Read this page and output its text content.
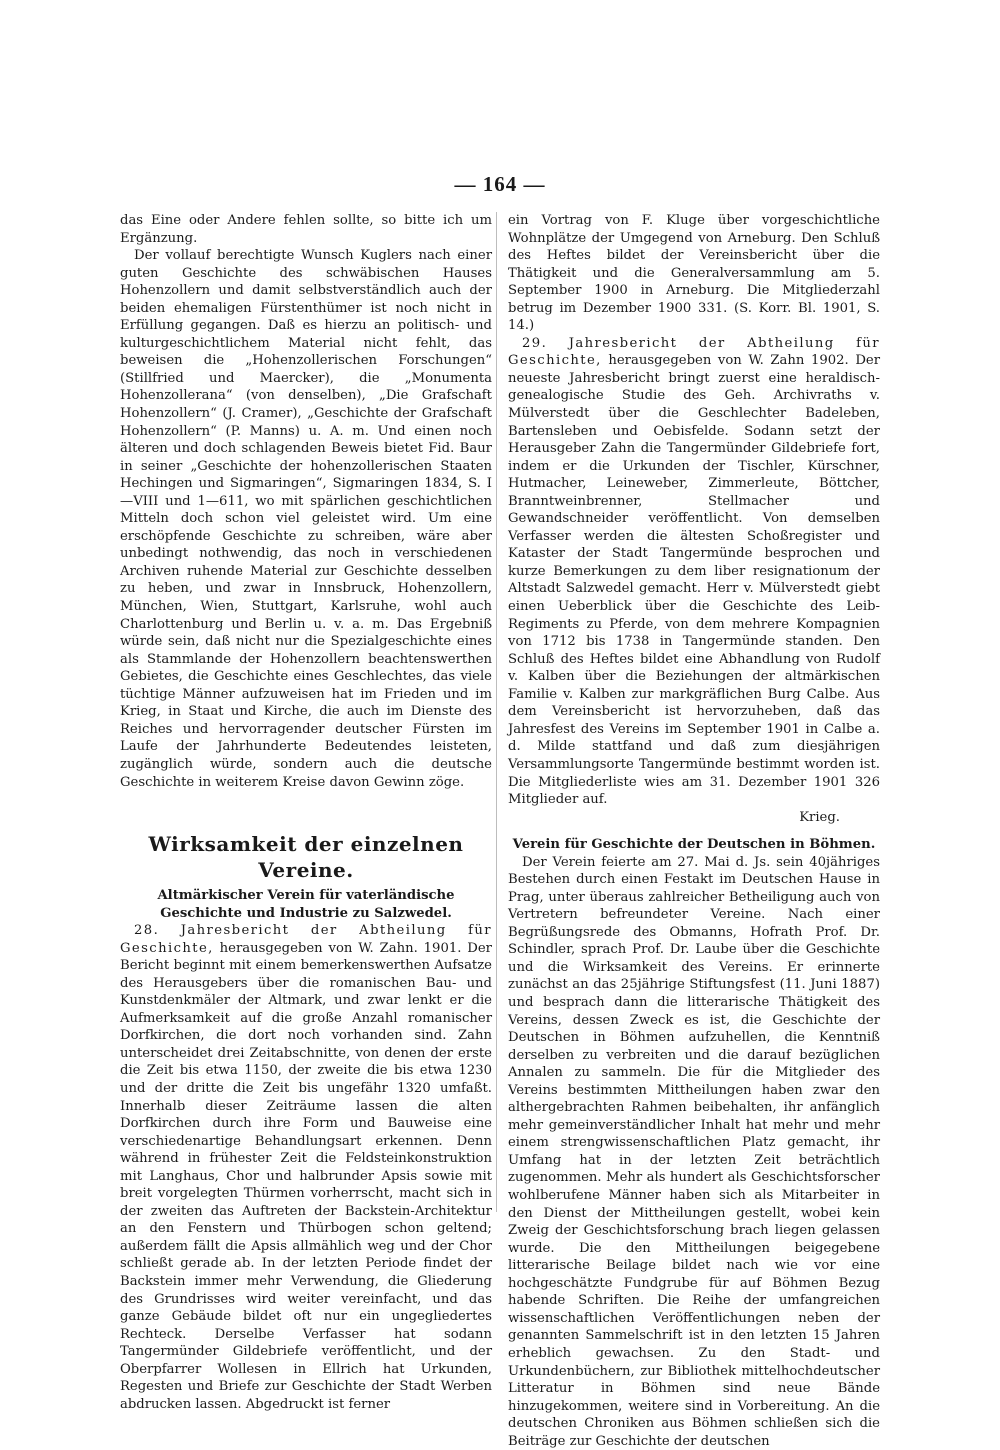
— 164 —

das Eine oder Andere fehlen sollte, so bitte ich um Ergänzung.

Der vollauf berechtigte Wunsch Kuglers nach einer guten Geschichte des schwäbischen Hauses Hohenzollern und damit selbstverständlich auch der beiden ehemaligen Fürstenthümer ist noch nicht in Erfüllung gegangen. Daß es hierzu an politisch- und kulturgeschichtlichem Material nicht fehlt, das beweisen die „Hohenzollerischen Forschungen“ (Stillfried und Maercker), die „Monumenta Hohenzollerana“ (von denselben), „Die Grafschaft Hohenzollern“ (J. Cramer), „Geschichte der Grafschaft Hohenzollern“ (P. Manns) u. A. m. Und einen noch älteren und doch schlagenden Beweis bietet Fid. Baur in seiner „Geschichte der hohenzollerischen Staaten Hechingen und Sigmaringen“, Sigmaringen 1834, S. I—VIII und 1—611, wo mit spärlichen geschichtlichen Mitteln doch schon viel geleistet wird. Um eine erschöpfende Geschichte zu schreiben, wäre aber unbedingt nothwendig, das noch in verschiedenen Archiven ruhende Material zur Geschichte desselben zu heben, und zwar in Innsbruck, Hohenzollern, München, Wien, Stuttgart, Karlsruhe, wohl auch Charlottenburg und Berlin u. v. a. m. Das Ergebniß würde sein, daß nicht nur die Spezialgeschichte eines als Stammlande der Hohenzollern beachtenswerthen Gebietes, die Geschichte eines Geschlechtes, das viele tüchtige Männer aufzuweisen hat im Frieden und im Krieg, in Staat und Kirche, die auch im Dienste des Reiches und hervorragender deutscher Fürsten im Laufe der Jahrhunderte Bedeutendes leisteten, zugänglich würde, sondern auch die deutsche Geschichte in weiterem Kreise davon Gewinn zöge.

Wirksamkeit der einzelnen Vereine.
Altmärkischer Verein für vaterländische Geschichte und Industrie zu Salzwedel.

28. Jahresbericht der Abtheilung für Geschichte, herausgegeben von W. Zahn. 1901. Der Bericht beginnt mit einem bemerkenswerthen Aufsatze des Herausgebers über die romanischen Bau- und Kunstdenkmäler der Altmark, und zwar lenkt er die Aufmerksamkeit auf die große Anzahl romanischer Dorfkirchen, die dort noch vorhanden sind. Zahn unterscheidet drei Zeitabschnitte, von denen der erste die Zeit bis etwa 1150, der zweite die bis etwa 1230 und der dritte die Zeit bis ungefähr 1320 umfaßt. Innerhalb dieser Zeiträume lassen die alten Dorfkirchen durch ihre Form und Bauweise eine verschiedenartige Behandlungsart erkennen. Denn während in frühester Zeit die Feldsteinkonstruktion mit Langhaus, Chor und halbrunder Apsis sowie mit breit vorgelegten Thürmen vorherrscht, macht sich in der zweiten das Auftreten der Backstein-Architektur an den Fenstern und Thürbogen schon geltend; außerdem fällt die Apsis allmählich weg und der Chor schließt gerade ab. In der letzten Periode findet der Backstein immer mehr Verwendung, die Gliederung des Grundrisses wird weiter vereinfacht, und das ganze Gebäude bildet oft nur ein ungegliedertes Rechteck. Derselbe Verfasser hat sodann Tangermünder Gildebriefe veröffentlicht, und der Oberpfarrer Wollesen in Ellrich hat Urkunden, Regesten und Briefe zur Geschichte der Stadt Werben abdrucken lassen. Abgedruckt ist ferner

ein Vortrag von F. Kluge über vorgeschichtliche Wohnplätze der Umgegend von Arneburg. Den Schluß des Heftes bildet der Vereinsbericht über die Thätigkeit und die Generalversammlung am 5. September 1900 in Arneburg. Die Mitgliederzahl betrug im Dezember 1900 331. (S. Korr. Bl. 1901, S. 14.)

29. Jahresbericht der Abtheilung für Geschichte, herausgegeben von W. Zahn 1902. Der neueste Jahresbericht bringt zuerst eine heraldisch-genealogische Studie des Geh. Archivraths v. Mülverstedt über die Geschlechter Badeleben, Bartensleben und Oebisfelde. Sodann setzt der Herausgeber Zahn die Tangermünder Gildebriefe fort, indem er die Urkunden der Tischler, Kürschner, Hutmacher, Leineweber, Zimmerleute, Böttcher, Branntweinbrenner, Stellmacher und Gewandschneider veröffentlicht. Von demselben Verfasser werden die ältesten Schoßregister und Kataster der Stadt Tangermünde besprochen und kurze Bemerkungen zu dem liber resignationum der Altstadt Salzwedel gemacht. Herr v. Mülverstedt giebt einen Ueberblick über die Geschichte des Leib-Regiments zu Pferde, von dem mehrere Kompagnien von 1712 bis 1738 in Tangermünde standen. Den Schluß des Heftes bildet eine Abhandlung von Rudolf v. Kalben über die Beziehungen der altmärkischen Familie v. Kalben zur markgräflichen Burg Calbe. Aus dem Vereinsbericht ist hervorzuheben, daß das Jahresfest des Vereins im September 1901 in Calbe a. d. Milde stattfand und daß zum diesjährigen Versammlungsorte Tangermünde bestimmt worden ist. Die Mitgliederliste wies am 31. Dezember 1901 326 Mitglieder auf.

Krieg.

Verein für Geschichte der Deutschen in Böhmen.

Der Verein feierte am 27. Mai d. Js. sein 40jähriges Bestehen durch einen Festakt im Deutschen Hause in Prag, unter überaus zahlreicher Betheiligung auch von Vertretern befreundeter Vereine. Nach einer Begrüßungsrede des Obmanns, Hofrath Prof. Dr. Schindler, sprach Prof. Dr. Laube über die Geschichte und die Wirksamkeit des Vereins. Er erinnerte zunächst an das 25jährige Stiftungsfest (11. Juni 1887) und besprach dann die litterarische Thätigkeit des Vereins, dessen Zweck es ist, die Geschichte der Deutschen in Böhmen aufzuhellen, die Kenntniß derselben zu verbreiten und die darauf bezüglichen Annalen zu sammeln. Die für die Mitglieder des Vereins bestimmten Mittheilungen haben zwar den althergebrachten Rahmen beibehalten, ihr anfänglich mehr gemeinverständlicher Inhalt hat mehr und mehr einem strengwissenschaftlichen Platz gemacht, ihr Umfang hat in der letzten Zeit beträchtlich zugenommen. Mehr als hundert als Geschichtsforscher wohlberufene Männer haben sich als Mitarbeiter in den Dienst der Mittheilungen gestellt, wobei kein Zweig der Geschichtsforschung brach liegen gelassen wurde. Die den Mittheilungen beigegebene litterarische Beilage bildet nach wie vor eine hochgeschätzte Fundgrube für auf Böhmen Bezug habende Schriften. Die Reihe der umfangreichen wissenschaftlichen Veröffentlichungen neben der genannten Sammelschrift ist in den letzten 15 Jahren erheblich gewachsen. Zu den Stadt- und Urkundenbüchern, zur Bibliothek mittelhochdeutscher Litteratur in Böhmen sind neue Bände hinzugekommen, weitere sind in Vorbereitung. An die deutschen Chroniken aus Böhmen schließen sich die Beiträge zur Geschichte der deutschen
